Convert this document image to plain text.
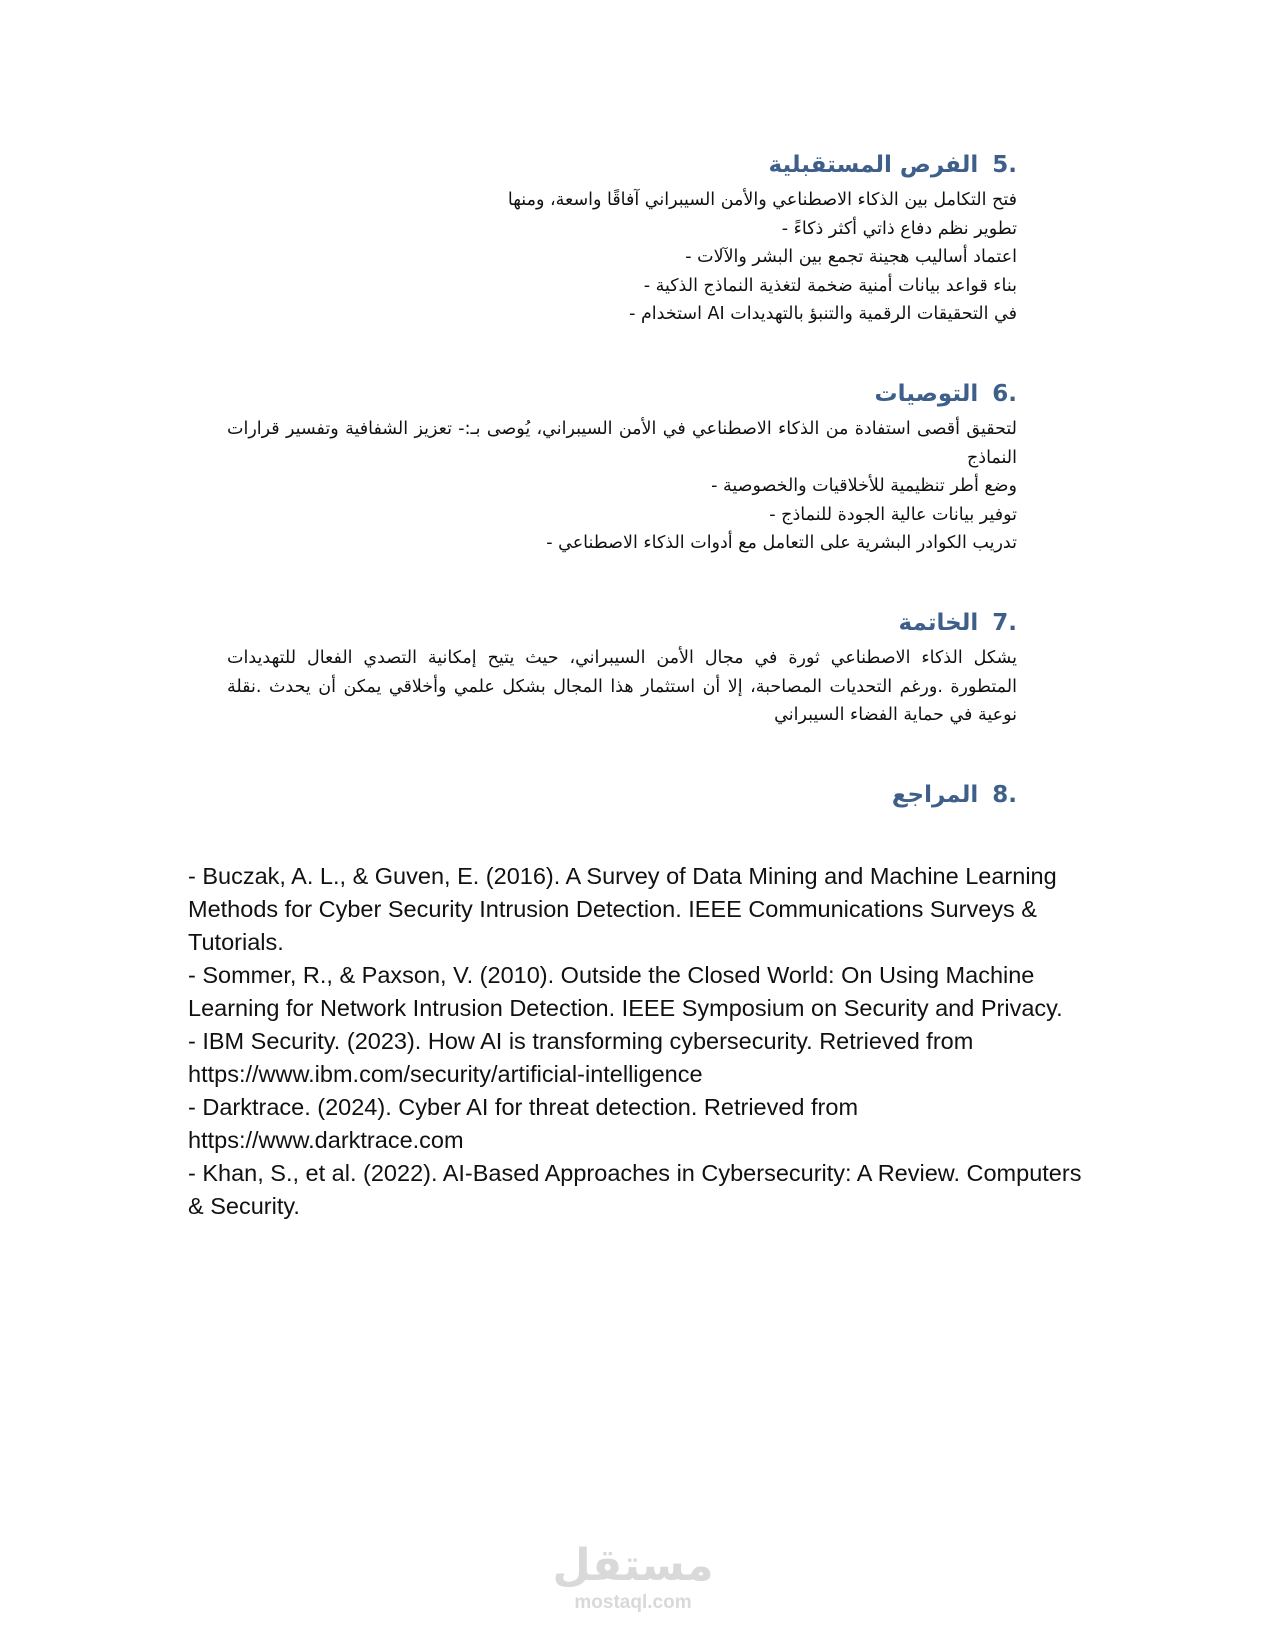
5.الفرص المستقبلية

فتح التكامل بين الذكاء الاصطناعي والأمن السيبراني آفاقًا واسعة، ومنها

تطوير نظم دفاع ذاتي أكثر ذكاءً -

اعتماد أساليب هجينة تجمع بين البشر والآلات -

بناء قواعد بيانات أمنية ضخمة لتغذية النماذج الذكية -

في التحقيقات الرقمية والتنبؤ بالتهديدات AI استخدام -

6.التوصيات

لتحقيق أقصى استفادة من الذكاء الاصطناعي في الأمن السيبراني، يُوصى بـ:- تعزيز الشفافية وتفسير قرارات النماذج

وضع أطر تنظيمية للأخلاقيات والخصوصية -

توفير بيانات عالية الجودة للنماذج -

تدريب الكوادر البشرية على التعامل مع أدوات الذكاء الاصطناعي -

7.الخاتمة

يشكل الذكاء الاصطناعي ثورة في مجال الأمن السيبراني، حيث يتيح إمكانية التصدي الفعال للتهديدات المتطورة .ورغم التحديات المصاحبة، إلا أن استثمار هذا المجال بشكل علمي وأخلاقي يمكن أن يحدث .نقلة نوعية في حماية الفضاء السيبراني

8.المراجع

- Buczak, A. L., & Guven, E. (2016). A Survey of Data Mining and Machine Learning Methods for Cyber Security Intrusion Detection. IEEE Communications Surveys & Tutorials.

- Sommer, R., & Paxson, V. (2010). Outside the Closed World: On Using Machine Learning for Network Intrusion Detection. IEEE Symposium on Security and Privacy.

- IBM Security. (2023). How AI is transforming cybersecurity. Retrieved from https://www.ibm.com/security/artificial-intelligence

- Darktrace. (2024). Cyber AI for threat detection. Retrieved from https://www.darktrace.com

- Khan, S., et al. (2022). AI-Based Approaches in Cybersecurity: A Review. Computers & Security.

مستقل
mostaql.com
